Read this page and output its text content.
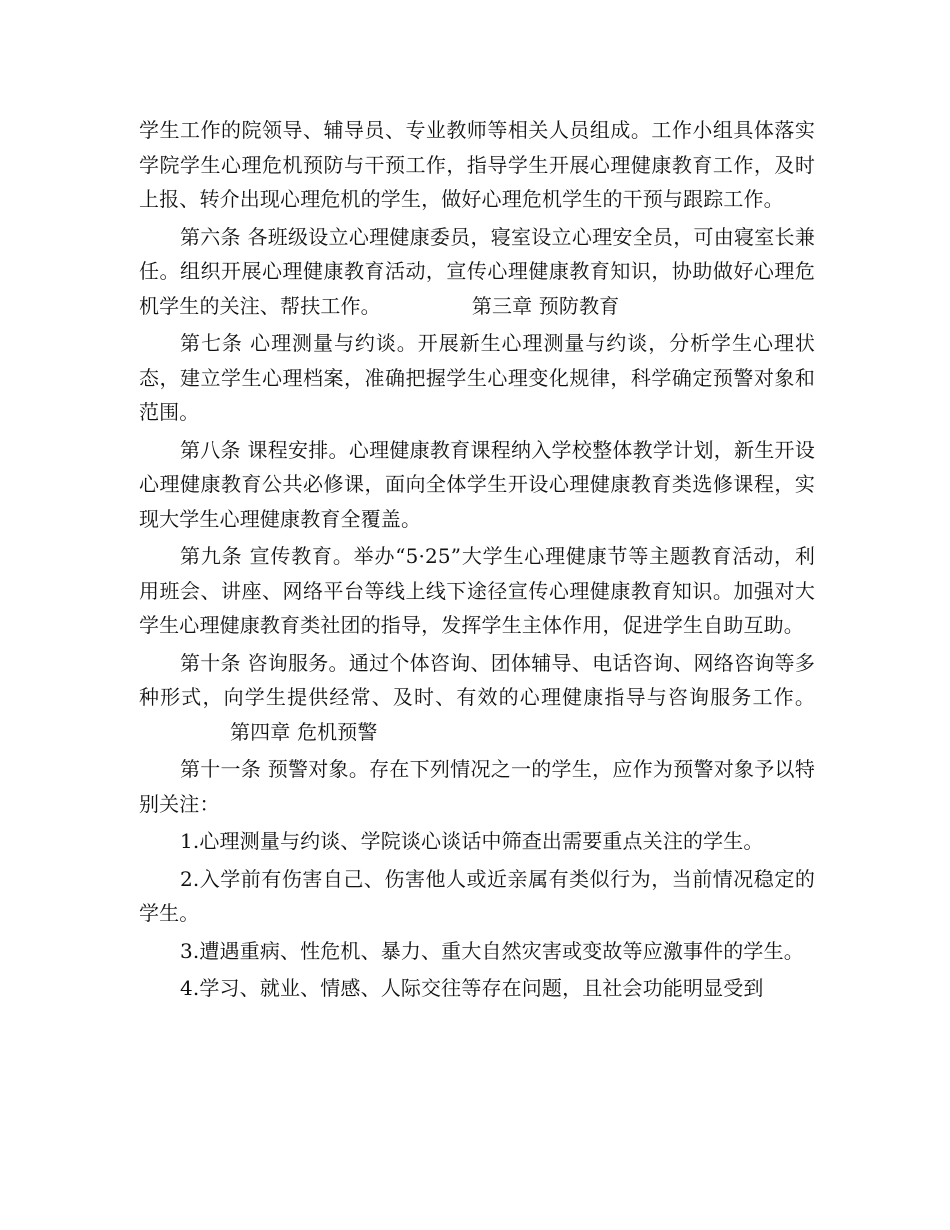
学生工作的院领导、辅导员、专业教师等相关人员组成。工作小组具体落实学院学生心理危机预防与干预工作，指导学生开展心理健康教育工作，及时上报、转介出现心理危机的学生，做好心理危机学生的干预与跟踪工作。

第六条 各班级设立心理健康委员，寝室设立心理安全员，可由寝室长兼任。组织开展心理健康教育活动，宣传心理健康教育知识，协助做好心理危机学生的关注、帮扶工作。	第三章 预防教育

第七条 心理测量与约谈。开展新生心理测量与约谈，分析学生心理状态，建立学生心理档案，准确把握学生心理变化规律，科学确定预警对象和范围。

第八条 课程安排。心理健康教育课程纳入学校整体教学计划，新生开设心理健康教育公共必修课，面向全体学生开设心理健康教育类选修课程，实现大学生心理健康教育全覆盖。

第九条 宣传教育。举办“5·25”大学生心理健康节等主题教育活动，利用班会、讲座、网络平台等线上线下途径宣传心理健康教育知识。加强对大学生心理健康教育类社团的指导，发挥学生主体作用，促进学生自助互助。

第十条 咨询服务。通过个体咨询、团体辅导、电话咨询、网络咨询等多种形式，向学生提供经常、及时、有效的心理健康指导与咨询服务工作。第四章 危机预警

第十一条 预警对象。存在下列情况之一的学生，应作为预警对象予以特别关注：

1.心理测量与约谈、学院谈心谈话中筛查出需要重点关注的学生。

2.入学前有伤害自己、伤害他人或近亲属有类似行为，当前情况稳定的学生。

3.遭遇重病、性危机、暴力、重大自然灾害或变故等应激事件的学生。

4.学习、就业、情感、人际交往等存在问题，且社会功能明显受到
